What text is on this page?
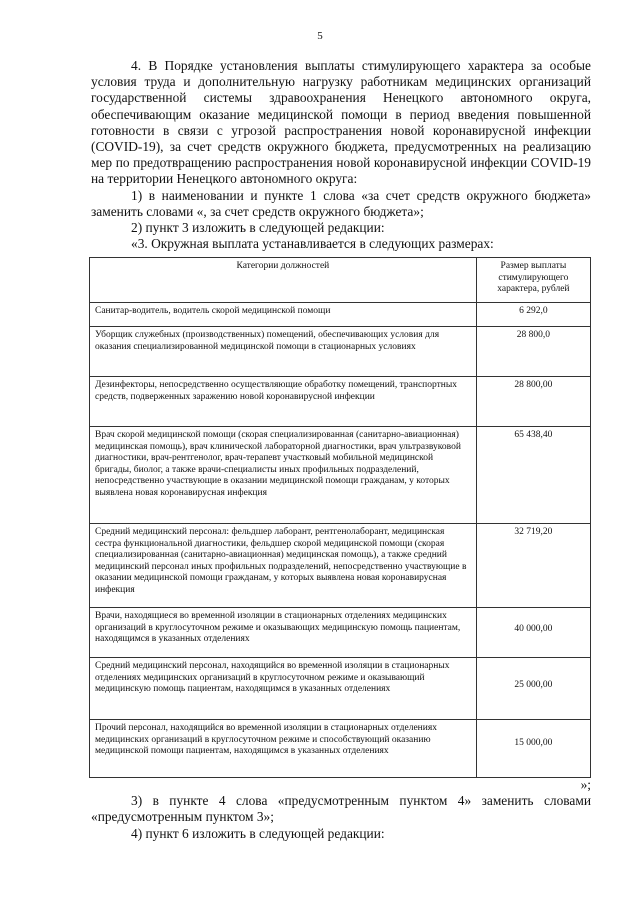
5

4. В Порядке установления выплаты стимулирующего характера за особые условия труда и дополнительную нагрузку работникам медицинских организаций государственной системы здравоохранения Ненецкого автономного округа, обеспечивающим оказание медицинской помощи в период введения повышенной готовности в связи с угрозой распространения новой коронавирусной инфекции (COVID-19), за счет средств окружного бюджета, предусмотренных на реализацию мер по предотвращению распространения новой коронавирусной инфекции COVID-19 на территории Ненецкого автономного округа:

1) в наименовании и пункте 1 слова «за счет средств окружного бюджета» заменить словами «, за счет средств окружного бюджета»;

2) пункт 3 изложить в следующей редакции:

«3. Окружная выплата устанавливается в следующих размерах:

Категории должностей	Размер выплаты стимулирующего характера, рублей
Санитар-водитель, водитель скорой медицинской помощи	6 292,0
Уборщик служебных (производственных) помещений, обеспечивающих условия для оказания специализированной медицинской помощи в стационарных условиях	28 800,0
Дезинфекторы, непосредственно осуществляющие обработку помещений, транспортных средств, подверженных заражению новой коронавирусной инфекции	28 800,00
Врач скорой медицинской помощи (скорая специализированная (санитарно-авиационная) медицинская помощь), врач клинической лабораторной диагностики, врач ультразвуковой диагностики, врач-рентгенолог, врач-терапевт участковый мобильной медицинской бригады, биолог, а также врачи-специалисты иных профильных подразделений, непосредственно участвующие в оказании медицинской помощи гражданам, у которых выявлена новая коронавирусная инфекция	65 438,40
Средний медицинский персонал: фельдшер лаборант, рентгенолаборант, медицинская сестра функциональной диагностики, фельдшер скорой медицинской помощи (скорая специализированная (санитарно-авиационная) медицинская помощь), а также средний медицинский персонал иных профильных подразделений, непосредственно участвующие в оказании медицинской помощи гражданам, у которых выявлена новая коронавирусная инфекция	32 719,20
Врачи, находящиеся во временной изоляции в стационарных отделениях медицинских организаций в круглосуточном режиме и оказывающих медицинскую помощь пациентам, находящимся в указанных отделениях	40 000,00
Средний медицинский персонал, находящийся во временной изоляции в стационарных отделениях медицинских организаций в круглосуточном режиме и оказывающий медицинскую помощь пациентам, находящимся в указанных отделениях	25 000,00
Прочий персонал, находящийся во временной изоляции в стационарных отделениях медицинских организаций в круглосуточном режиме и способствующий оказанию медицинской помощи пациентам, находящимся в указанных отделениях	15 000,00

»;

3) в пункте 4 слова «предусмотренным пунктом 4» заменить словами «предусмотренным пунктом 3»;

4) пункт 6 изложить в следующей редакции:
